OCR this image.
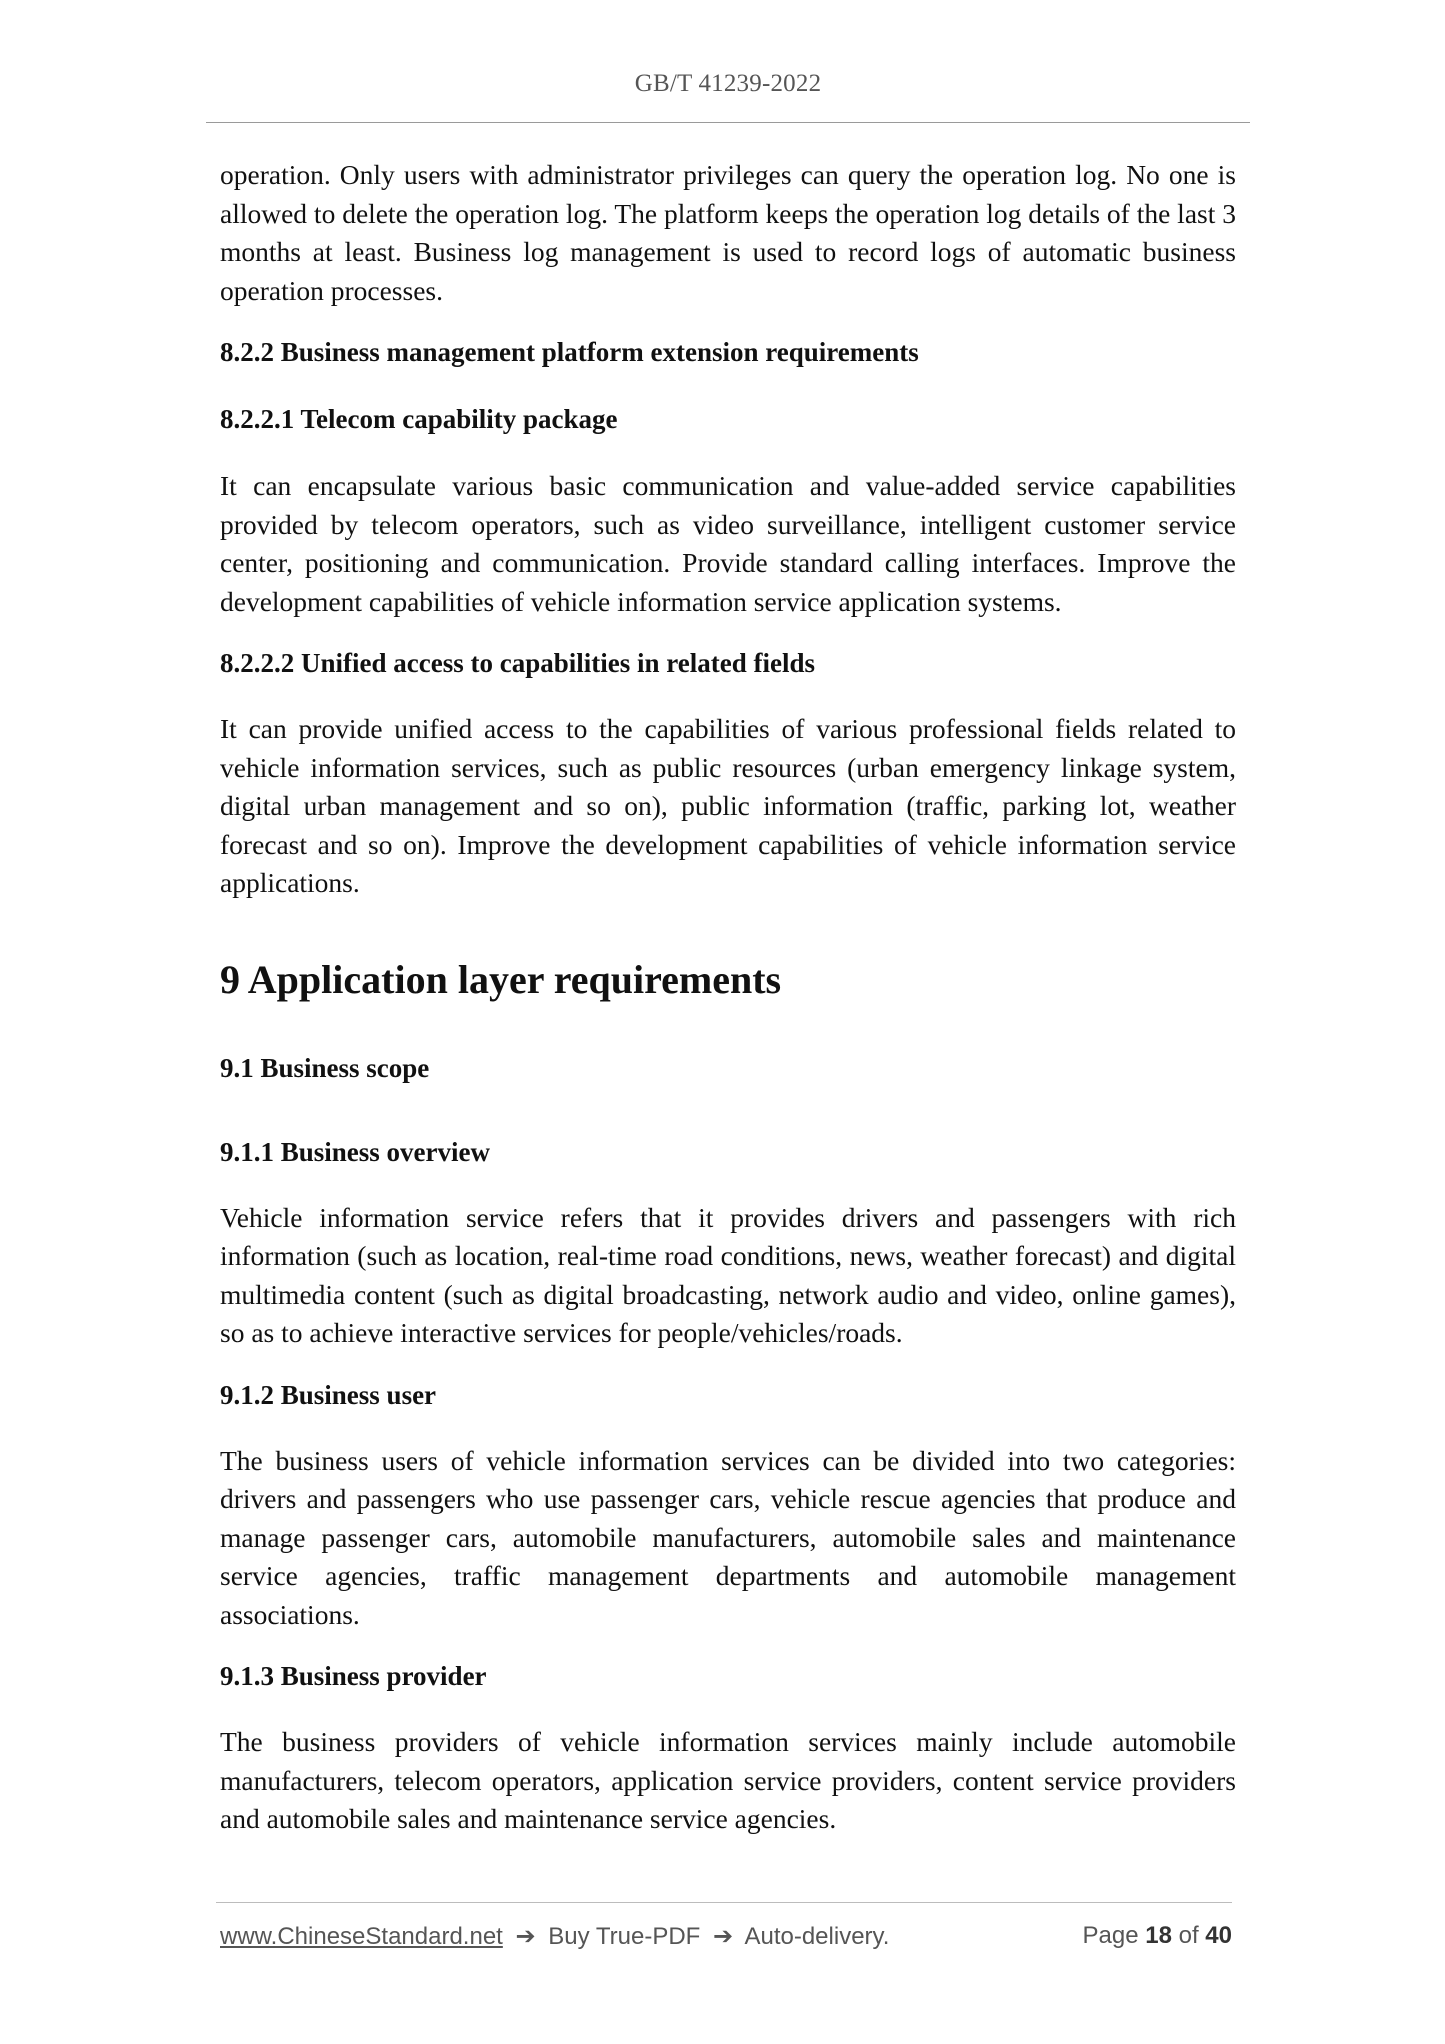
GB/T 41239-2022

operation. Only users with administrator privileges can query the operation log. No one is allowed to delete the operation log. The platform keeps the operation log details of the last 3 months at least. Business log management is used to record logs of automatic business operation processes.

8.2.2 Business management platform extension requirements
8.2.2.1 Telecom capability package

It can encapsulate various basic communication and value-added service capabilities provided by telecom operators, such as video surveillance, intelligent customer service center, positioning and communication. Provide standard calling interfaces. Improve the development capabilities of vehicle information service application systems.

8.2.2.2 Unified access to capabilities in related fields

It can provide unified access to the capabilities of various professional fields related to vehicle information services, such as public resources (urban emergency linkage system, digital urban management and so on), public information (traffic, parking lot, weather forecast and so on). Improve the development capabilities of vehicle information service applications.

9 Application layer requirements
9.1 Business scope
9.1.1 Business overview

Vehicle information service refers that it provides drivers and passengers with rich information (such as location, real-time road conditions, news, weather forecast) and digital multimedia content (such as digital broadcasting, network audio and video, online games), so as to achieve interactive services for people/vehicles/roads.

9.1.2 Business user

The business users of vehicle information services can be divided into two categories: drivers and passengers who use passenger cars, vehicle rescue agencies that produce and manage passenger cars, automobile manufacturers, automobile sales and maintenance service agencies, traffic management departments and automobile management associations.

9.1.3 Business provider

The business providers of vehicle information services mainly include automobile manufacturers, telecom operators, application service providers, content service providers and automobile sales and maintenance service agencies.

www.ChineseStandard.net ➔ Buy True-PDF ➔ Auto-delivery.	Page 18 of 40
